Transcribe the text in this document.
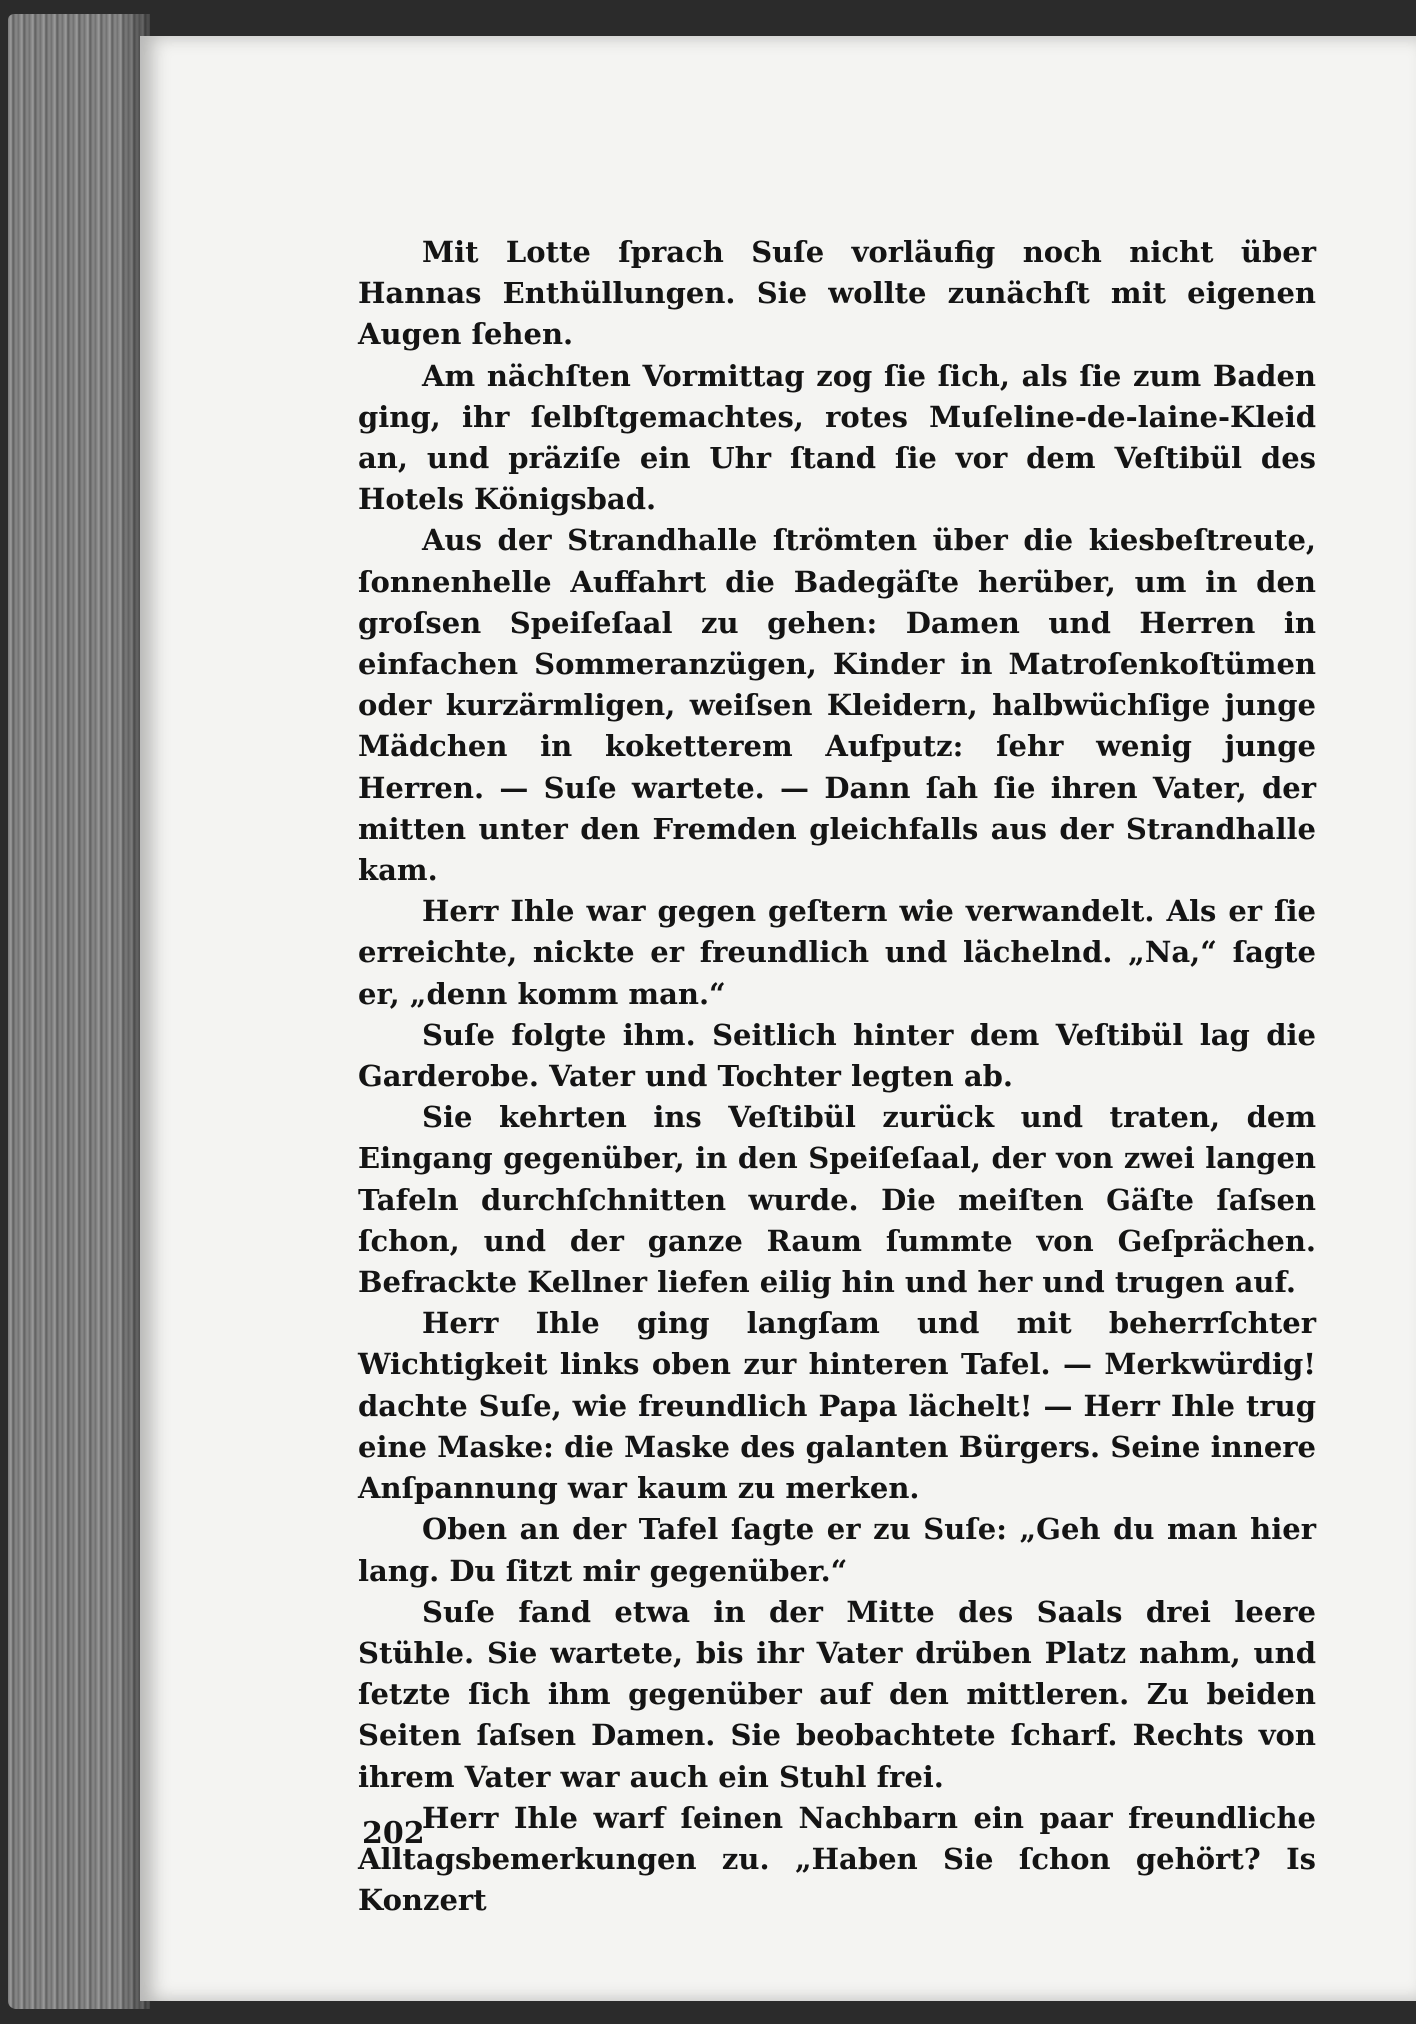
Mit Lotte ſprach Suſe vorläufig noch nicht über Hannas Enthüllungen. Sie wollte zunächſt mit eigenen Augen ſehen.

Am nächſten Vormittag zog ſie ſich, als ſie zum Baden ging, ihr ſelbſtgemachtes, rotes Muſeline-de-laine-Kleid an, und präziſe ein Uhr ſtand ſie vor dem Veſtibül des Hotels Königsbad.

Aus der Strandhalle ſtrömten über die kiesbeſtreute, ſonnenhelle Auffahrt die Badegäſte herüber, um in den groſsen Speiſeſaal zu gehen: Damen und Herren in einfachen Sommeranzügen, Kinder in Matroſenkoſtümen oder kurzärmligen, weiſsen Kleidern, halbwüchſige junge Mädchen in koketterem Aufputz: ſehr wenig junge Herren. — Suſe wartete. — Dann ſah ſie ihren Vater, der mitten unter den Fremden gleichfalls aus der Strandhalle kam.

Herr Ihle war gegen geſtern wie verwandelt. Als er ſie erreichte, nickte er freundlich und lächelnd. „Na,“ ſagte er, „denn komm man.“

Suſe folgte ihm. Seitlich hinter dem Veſtibül lag die Garderobe. Vater und Tochter legten ab.

Sie kehrten ins Veſtibül zurück und traten, dem Eingang gegenüber, in den Speiſeſaal, der von zwei langen Tafeln durchſchnitten wurde. Die meiſten Gäſte ſaſsen ſchon, und der ganze Raum ſummte von Geſprächen. Befrackte Kellner liefen eilig hin und her und trugen auf.

Herr Ihle ging langſam und mit beherrſchter Wichtigkeit links oben zur hinteren Tafel. — Merkwürdig! dachte Suſe, wie freundlich Papa lächelt! — Herr Ihle trug eine Maske: die Maske des galanten Bürgers. Seine innere Anſpannung war kaum zu merken.

Oben an der Tafel ſagte er zu Suſe: „Geh du man hier lang. Du ſitzt mir gegenüber.“

Suſe fand etwa in der Mitte des Saals drei leere Stühle. Sie wartete, bis ihr Vater drüben Platz nahm, und ſetzte ſich ihm gegenüber auf den mittleren. Zu beiden Seiten ſaſsen Damen. Sie beobachtete ſcharf. Rechts von ihrem Vater war auch ein Stuhl frei.

Herr Ihle warf ſeinen Nachbarn ein paar freundliche Alltagsbemerkungen zu. „Haben Sie ſchon gehört? Is Konzert

202
